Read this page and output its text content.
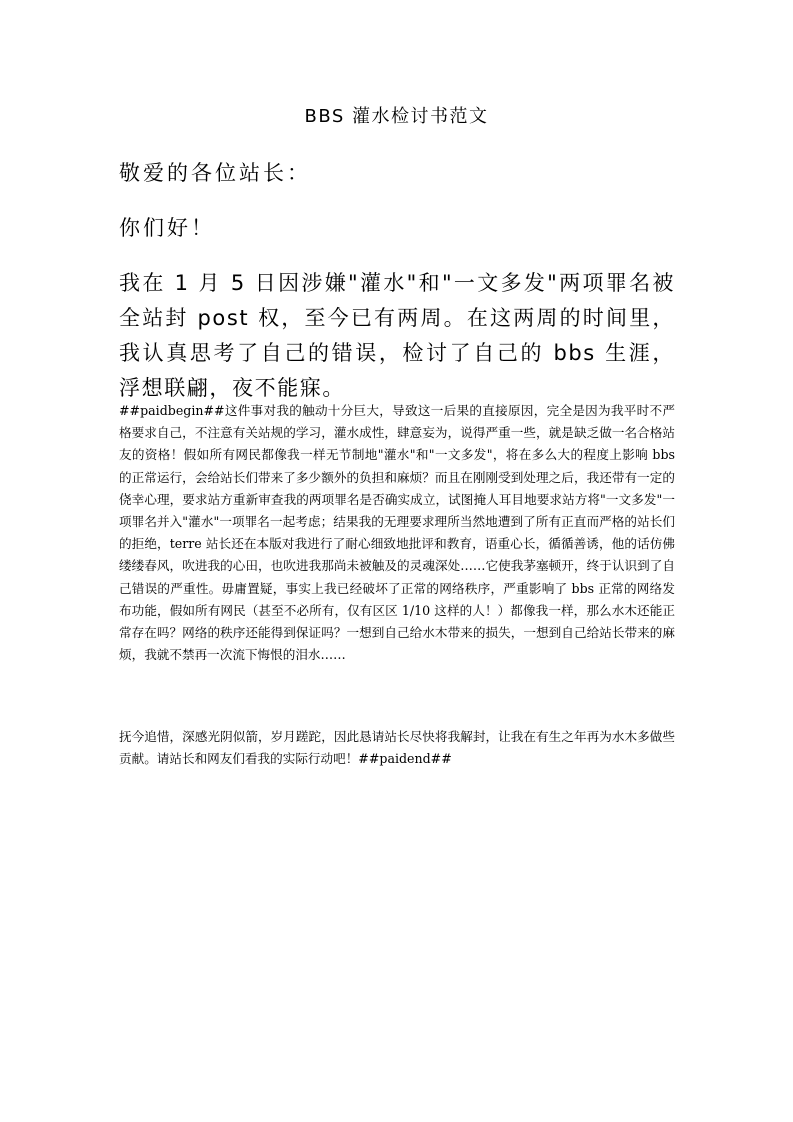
BBS 灌水检讨书范文

敬爱的各位站长：

你们好！

我在 1 月 5 日因涉嫌"灌水"和"一文多发"两项罪名被全站封 post 权，至今已有两周。在这两周的时间里，我认真思考了自己的错误，检讨了自己的 bbs 生涯，浮想联翩，夜不能寐。

##paidbegin##这件事对我的触动十分巨大，导致这一后果的直接原因，完全是因为我平时不严格要求自己，不注意有关站规的学习，灌水成性，肆意妄为，说得严重一些，就是缺乏做一名合格站友的资格！假如所有网民都像我一样无节制地"灌水"和"一文多发"，将在多么大的程度上影响 bbs 的正常运行，会给站长们带来了多少额外的负担和麻烦？而且在刚刚受到处理之后，我还带有一定的侥幸心理，要求站方重新审查我的两项罪名是否确实成立，试图掩人耳目地要求站方将"一文多发"一项罪名并入"灌水"一项罪名一起考虑；结果我的无理要求理所当然地遭到了所有正直而严格的站长们的拒绝，terre 站长还在本版对我进行了耐心细致地批评和教育，语重心长，循循善诱，他的话仿佛缕缕春风，吹进我的心田，也吹进我那尚未被触及的灵魂深处……它使我茅塞顿开，终于认识到了自己错误的严重性。毋庸置疑，事实上我已经破坏了正常的网络秩序，严重影响了 bbs 正常的网络发布功能，假如所有网民（甚至不必所有，仅有区区 1/10 这样的人！）都像我一样，那么水木还能正常存在吗？网络的秩序还能得到保证吗？一想到自己给水木带来的损失，一想到自己给站长带来的麻烦，我就不禁再一次流下悔恨的泪水……

抚今追惜，深感光阴似箭，岁月蹉跎，因此恳请站长尽快将我解封，让我在有生之年再为水木多做些贡献。请站长和网友们看我的实际行动吧！##paidend##
